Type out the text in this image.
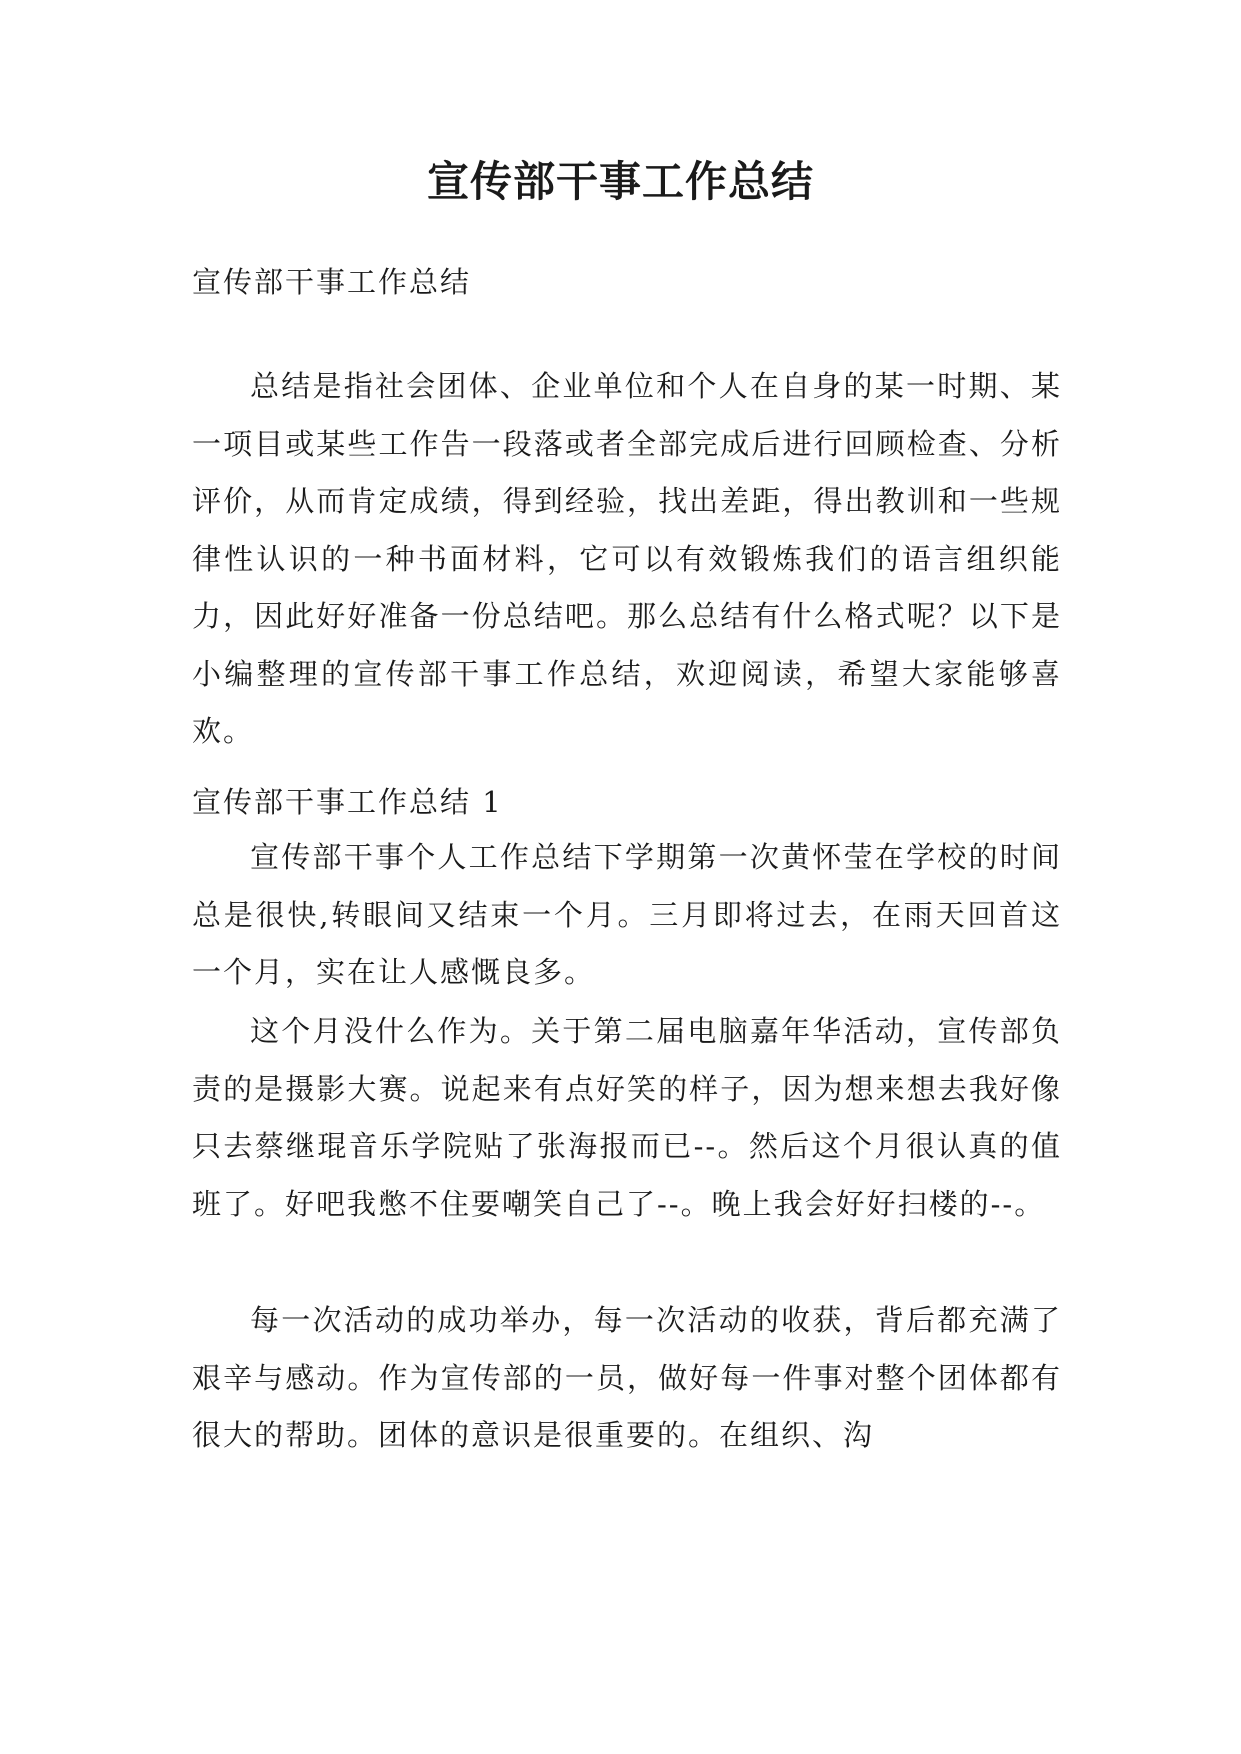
宣传部干事工作总结

宣传部干事工作总结

总结是指社会团体、企业单位和个人在自身的某一时期、某一项目或某些工作告一段落或者全部完成后进行回顾检查、分析评价，从而肯定成绩，得到经验，找出差距，得出教训和一些规律性认识的一种书面材料，它可以有效锻炼我们的语言组织能力，因此好好准备一份总结吧。那么总结有什么格式呢？以下是小编整理的宣传部干事工作总结，欢迎阅读，希望大家能够喜欢。

宣传部干事工作总结 1

宣传部干事个人工作总结下学期第一次黄怀莹在学校的时间总是很快,转眼间又结束一个月。三月即将过去，在雨天回首这一个月，实在让人感慨良多。

这个月没什么作为。关于第二届电脑嘉年华活动，宣传部负责的是摄影大赛。说起来有点好笑的样子，因为想来想去我好像只去蔡继琨音乐学院贴了张海报而已--。然后这个月很认真的值班了。好吧我憋不住要嘲笑自己了--。晚上我会好好扫楼的--。

每一次活动的成功举办，每一次活动的收获，背后都充满了艰辛与感动。作为宣传部的一员，做好每一件事对整个团体都有很大的帮助。团体的意识是很重要的。在组织、沟
